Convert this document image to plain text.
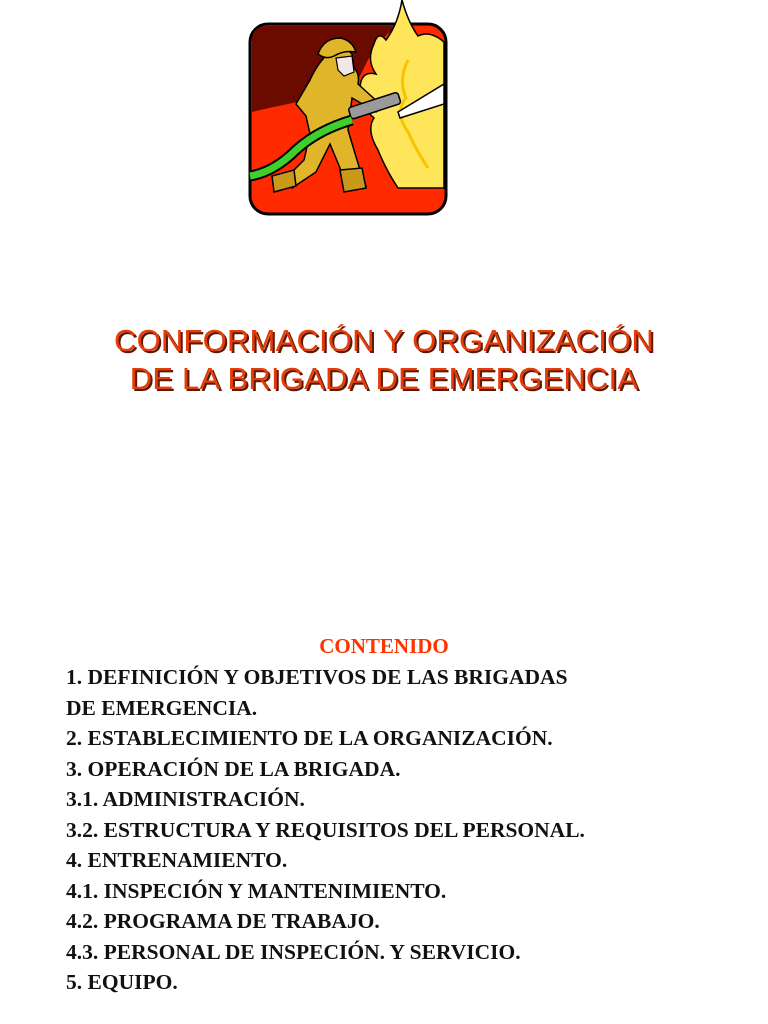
CONFORMACIÓN Y ORGANIZACIÓN
DE LA BRIGADA DE EMERGENCIA
CONTENIDO
1. DEFINICIÓN Y OBJETIVOS DE LAS BRIGADAS
DE EMERGENCIA.
2. ESTABLECIMIENTO DE LA ORGANIZACIÓN.
3. OPERACIÓN DE LA BRIGADA.
3.1. ADMINISTRACIÓN.
3.2. ESTRUCTURA Y REQUISITOS DEL PERSONAL.
4. ENTRENAMIENTO.
4.1. INSPECIÓN Y MANTENIMIENTO.
4.2. PROGRAMA DE TRABAJO.
4.3. PERSONAL DE INSPECIÓN. Y SERVICIO.
5. EQUIPO.
